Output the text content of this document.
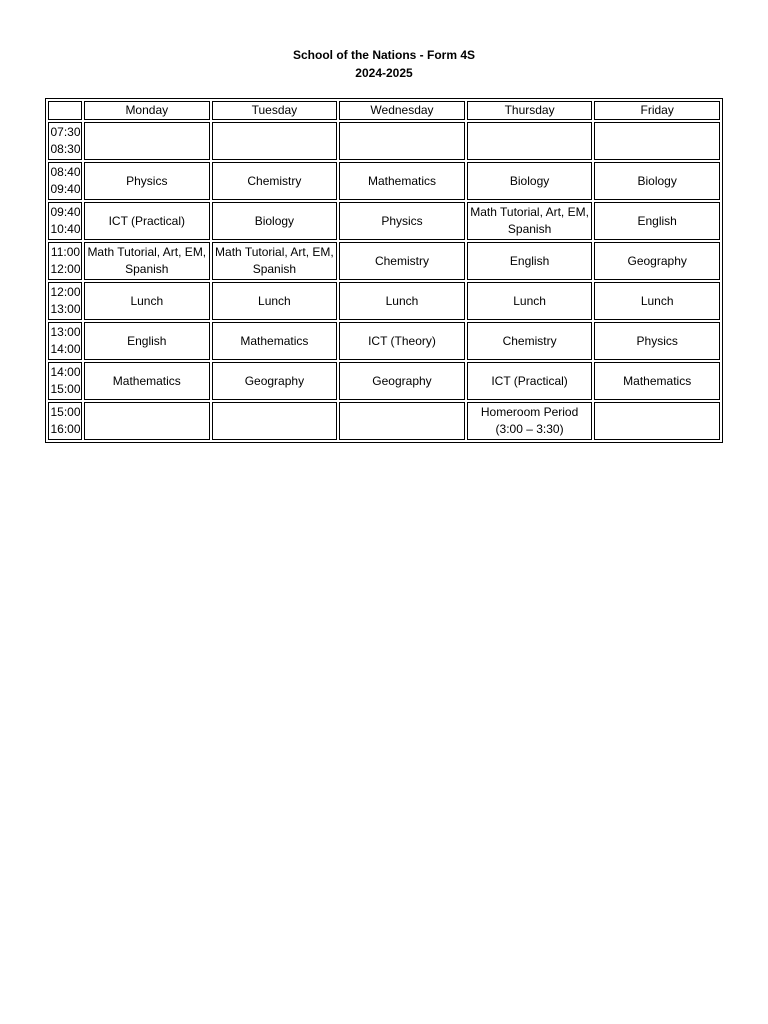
School of the Nations - Form 4S
2024-2025
	Monday	Tuesday	Wednesday	Thursday	Friday

07:30
08:30					

08:40
09:40	Physics	Chemistry	Mathematics	Biology	Biology

09:40
10:40	ICT (Practical)	Biology	Physics	Math Tutorial, Art, EM, Spanish	English

11:00
12:00	Math Tutorial, Art, EM, Spanish	Math Tutorial, Art, EM, Spanish	Chemistry	English	Geography

12:00
13:00	Lunch	Lunch	Lunch	Lunch	Lunch

13:00
14:00	English	Mathematics	ICT (Theory)	Chemistry	Physics

14:00
15:00	Mathematics	Geography	Geography	ICT (Practical)	Mathematics

15:00
16:00				Homeroom Period (3:00 – 3:30)	
